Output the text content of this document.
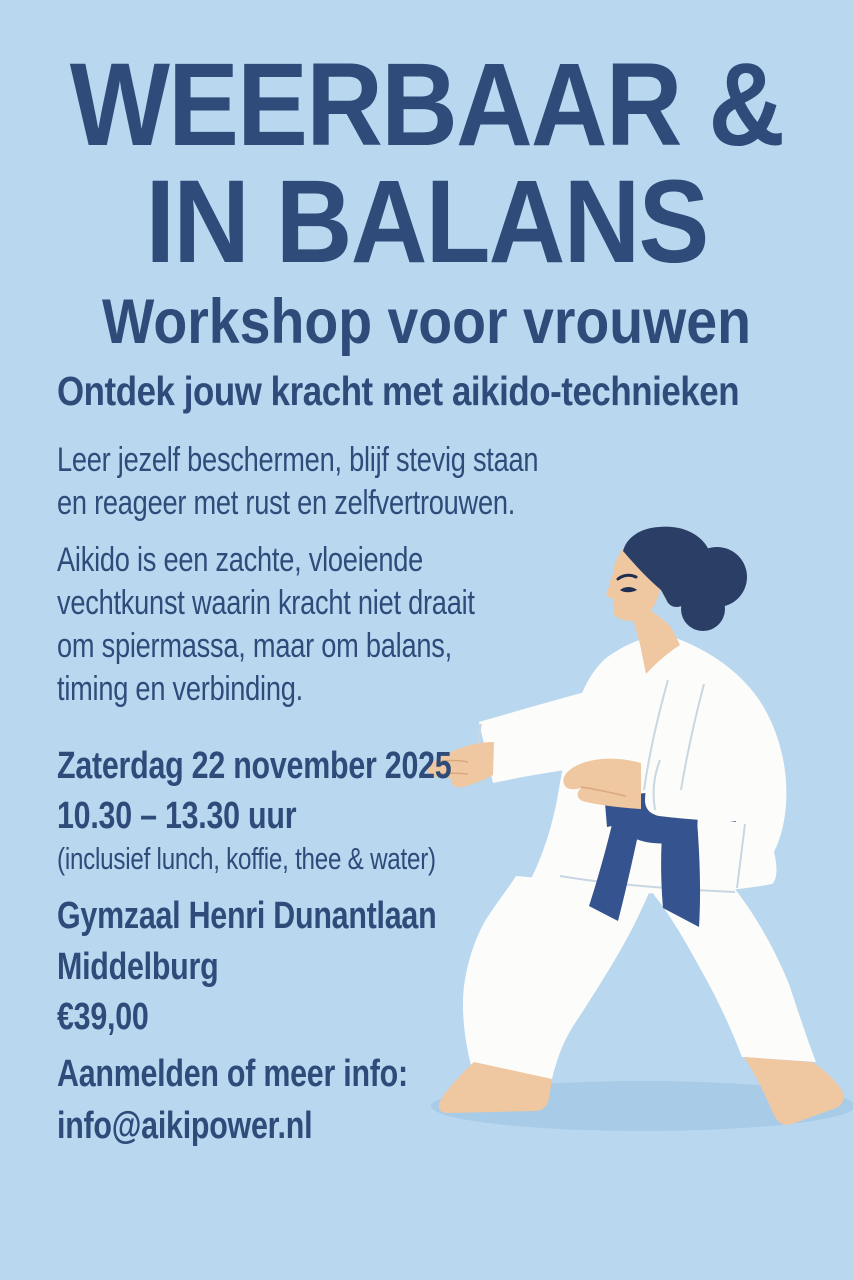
WEERBAAR &
IN BALANS
Workshop voor vrouwen
Ontdek jouw kracht met aikido-technieken
Leer jezelf beschermen, blijf stevig staan
en reageer met rust en zelfvertrouwen.
Aikido is een zachte, vloeiende
vechtkunst waarin kracht niet draait
om spiermassa, maar om balans,
timing en verbinding.
Zaterdag 22 november 2025
10.30 – 13.30 uur
(inclusief lunch, koffie, thee & water)
Gymzaal Henri Dunantlaan
Middelburg
€39,00
Aanmelden of meer info:
info@aikipower.nl
